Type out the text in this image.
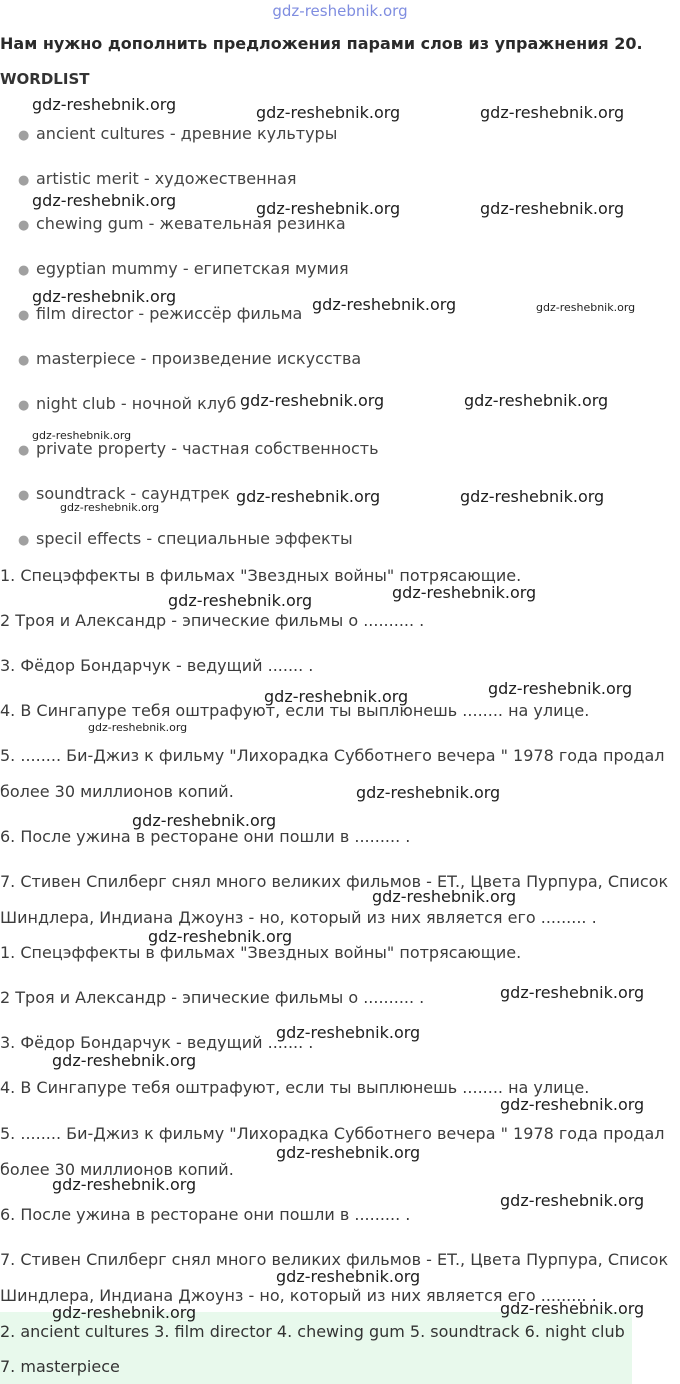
gdz-reshebnik.org
Нам нужно дополнить предложения парами слов из упражнения 20.
WORDLIST
● ancient cultures - древние культуры
● artistic merit - художественная
● chewing gum - жевательная резинка
● egyptian mummy - египетская мумия
● film director - режиссёр фильма
● masterpiece - произведение искусства
● night club - ночной клуб
● private property - частная собственность
● soundtrack - саундтрек
● specil effects - специальные эффекты
1. Спецэффекты в фильмах "Звездных войны" потрясающие.
2 Троя и Александр - эпические фильмы о .......... .
3. Фёдор Бондарчук - ведущий ....... .
4. В Сингапуре тебя оштрафуют, если ты выплюнешь ........ на улице.
5. ........ Би-Джиз к фильму "Лихорадка Субботнего вечера " 1978 года продал
более 30 миллионов копий.
6. После ужина в ресторане они пошли в ......... .
7. Стивен Спилберг снял много великих фильмов - ET., Цвета Пурпура, Список
Шиндлера, Индиана Джоунз - но, который из них является его ......... .
1. Спецэффекты в фильмах "Звездных войны" потрясающие.
2 Троя и Александр - эпические фильмы о .......... .
3. Фёдор Бондарчук - ведущий ....... .
4. В Сингапуре тебя оштрафуют, если ты выплюнешь ........ на улице.
5. ........ Би-Джиз к фильму "Лихорадка Субботнего вечера " 1978 года продал
более 30 миллионов копий.
6. После ужина в ресторане они пошли в ......... .
7. Стивен Спилберг снял много великих фильмов - ET., Цвета Пурпура, Список
Шиндлера, Индиана Джоунз - но, который из них является его ......... .
2. ancient cultures 3. film director 4. chewing gum 5. soundtrack 6. night club
7. masterpiece
gdz-reshebnik.org	gdz-reshebnik.org	gdz-reshebnik.org
gdz-reshebnik.org	gdz-reshebnik.org	gdz-reshebnik.org
gdz-reshebnik.org	gdz-reshebnik.org	gdz-reshebnik.org
gdz-reshebnik.org	gdz-reshebnik.org
gdz-reshebnik.org
gdz-reshebnik.org	gdz-reshebnik.org
gdz-reshebnik.org
gdz-reshebnik.org	gdz-reshebnik.org
gdz-reshebnik.org	gdz-reshebnik.org
gdz-reshebnik.org
gdz-reshebnik.org
gdz-reshebnik.org
gdz-reshebnik.org
gdz-reshebnik.org
gdz-reshebnik.org
gdz-reshebnik.org
gdz-reshebnik.org
gdz-reshebnik.org
gdz-reshebnik.org
gdz-reshebnik.org
gdz-reshebnik.org
gdz-reshebnik.org
gdz-reshebnik.org	gdz-reshebnik.org
